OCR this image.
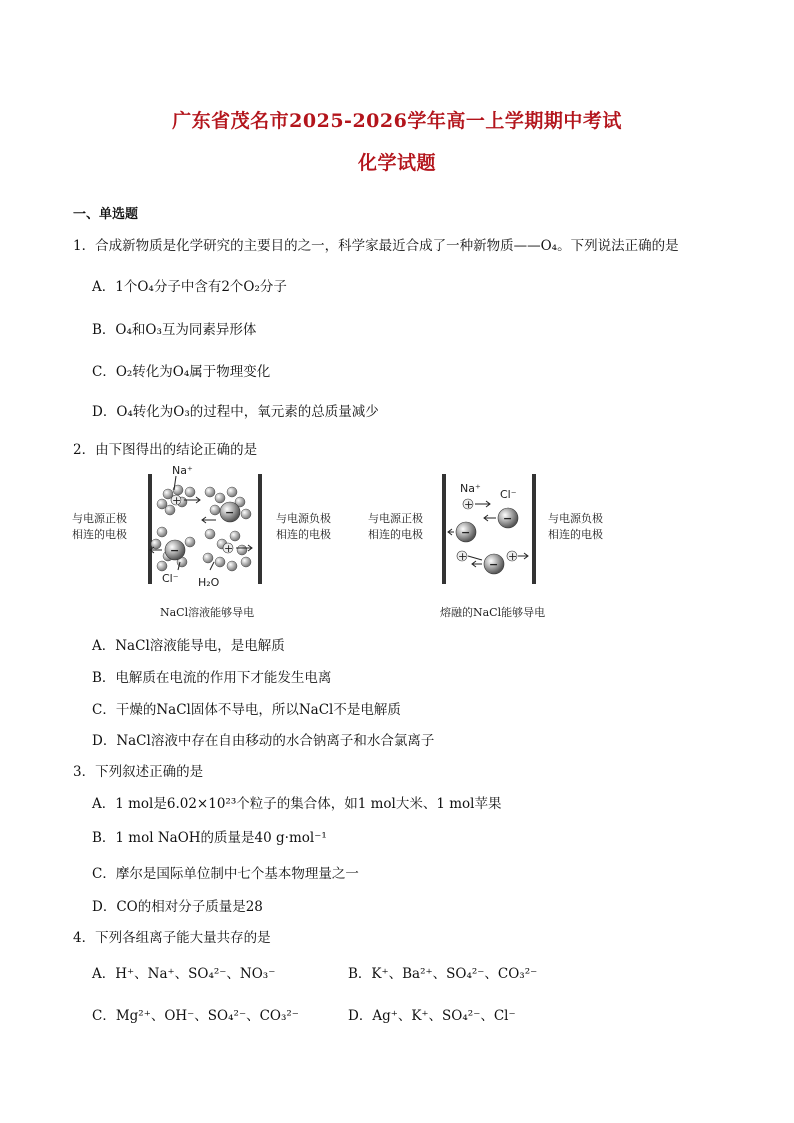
广东省茂名市2025-2026学年高一上学期期中考试
化学试题
一、单选题
1．合成新物质是化学研究的主要目的之一，科学家最近合成了一种新物质——O₄。下列说法正确的是
A．1个O₄分子中含有2个O₂分子
B．O₄和O₃互为同素异形体
C．O₂转化为O₄属于物理变化
D．O₄转化为O₃的过程中，氧元素的总质量减少
2．由下图得出的结论正确的是
−
−
+
+
Na⁺
Cl⁻ H₂O
与电源正极
相连的电极
与电源负极
相连的电极
NaCl溶液能够导电
+
−
−
+
−
+
Na⁺ Cl⁻
与电源正极
相连的电极
与电源负极
相连的电极
熔融的NaCl能够导电
A．NaCl溶液能导电，是电解质
B．电解质在电流的作用下才能发生电离
C．干燥的NaCl固体不导电，所以NaCl不是电解质
D．NaCl溶液中存在自由移动的水合钠离子和水合氯离子
3．下列叙述正确的是
A．1 mol是6.02×10²³个粒子的集合体，如1 mol大米、1 mol苹果
B．1 mol NaOH的质量是40 g·mol⁻¹
C．摩尔是国际单位制中七个基本物理量之一
D．CO的相对分子质量是28
4．下列各组离子能大量共存的是
A．H⁺、Na⁺、SO₄²⁻、NO₃⁻	B．K⁺、Ba²⁺、SO₄²⁻、CO₃²⁻
C．Mg²⁺、OH⁻、SO₄²⁻、CO₃²⁻	D．Ag⁺、K⁺、SO₄²⁻、Cl⁻
